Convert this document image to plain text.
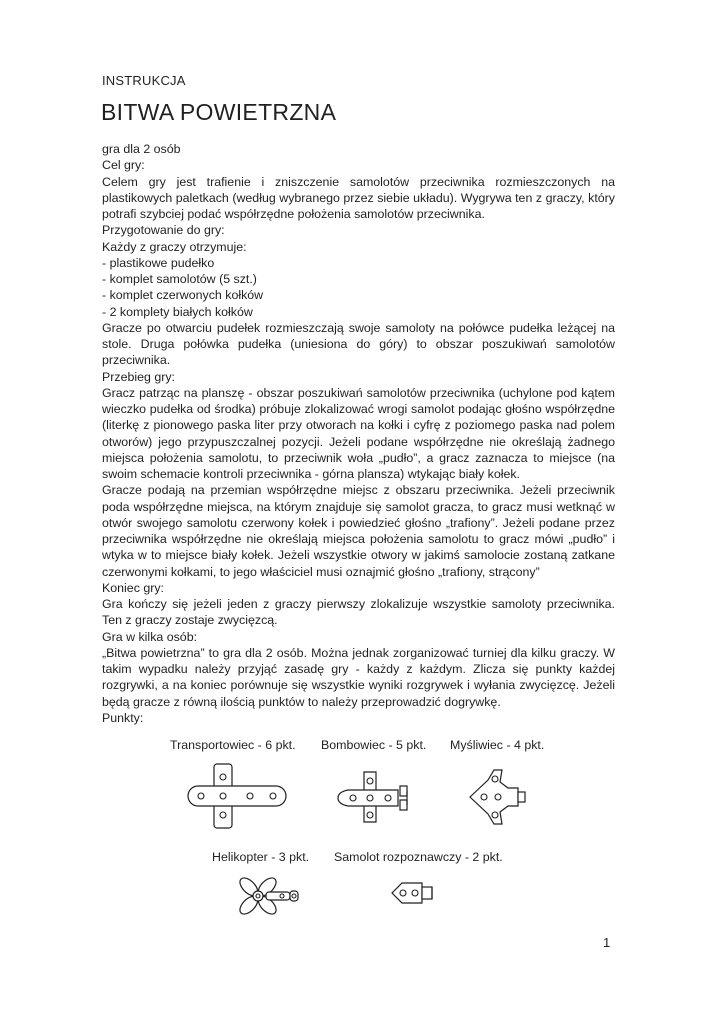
INSTRUKCJA
BITWA POWIETRZNA

gra dla 2 osób

Cel gry:

Celem gry jest trafienie i zniszczenie samolotów przeciwnika rozmieszczonych na plastikowych paletkach (według wybranego przez siebie układu). Wygrywa ten z graczy, który potrafi szybciej podać współrzędne położenia samolotów przeciwnika.

Przygotowanie do gry:

Każdy z graczy otrzymuje:

- plastikowe pudełko

- komplet samolotów (5 szt.)

- komplet czerwonych kołków

- 2 komplety białych kołków

Gracze po otwarciu pudełek rozmieszczają swoje samoloty na połówce pudełka leżącej na stole. Druga połówka pudełka (uniesiona do góry) to obszar poszukiwań samolotów przeciwnika.

Przebieg gry:

Gracz patrząc na planszę - obszar poszukiwań samolotów przeciwnika (uchylone pod kątem wieczko pudełka od środka) próbuje zlokalizować wrogi samolot podając głośno współrzędne (literkę z pionowego paska liter przy otworach na kołki i cyfrę z poziomego paska nad polem otworów) jego przypuszczalnej pozycji. Jeżeli podane współrzędne nie określają żadnego miejsca położenia samolotu, to przeciwnik woła „pudło”, a gracz zaznacza to miejsce (na swoim schemacie kontroli przeciwnika - górna plansza) wtykając biały kołek.

Gracze podają na przemian współrzędne miejsc z obszaru przeciwnika. Jeżeli przeciwnik poda współrzędne miejsca, na którym znajduje się samolot gracza, to gracz musi wetknąć w otwór swojego samolotu czerwony kołek i powiedzieć głośno „trafiony”. Jeżeli podane przez przeciwnika współrzędne nie określają miejsca położenia samolotu to gracz mówi „pudło” i wtyka w to miejsce biały kołek. Jeżeli wszystkie otwory w jakimś samolocie zostaną zatkane czerwonymi kołkami, to jego właściciel musi oznajmić głośno „trafiony, strącony”

Koniec gry:

Gra kończy się jeżeli jeden z graczy pierwszy zlokalizuje wszystkie samoloty przeciwnika. Ten z graczy zostaje zwycięzcą.

Gra w kilka osób:

„Bitwa powietrzna” to gra dla 2 osób. Można jednak zorganizować turniej dla kilku graczy. W takim wypadku należy przyjąć zasadę gry - każdy z każdym. Zlicza się punkty każdej rozgrywki, a na koniec porównuje się wszystkie wyniki rozgrywek i wyłania zwycięzcę. Jeżeli będą gracze z równą ilością punktów to należy przeprowadzić dogrywkę.

Punkty:

Transportowiec - 6 pkt. Bombowiec - 5 pkt. Myśliwiec - 4 pkt.
Helikopter - 3 pkt. Samolot rozpoznawczy - 2 pkt.
1
